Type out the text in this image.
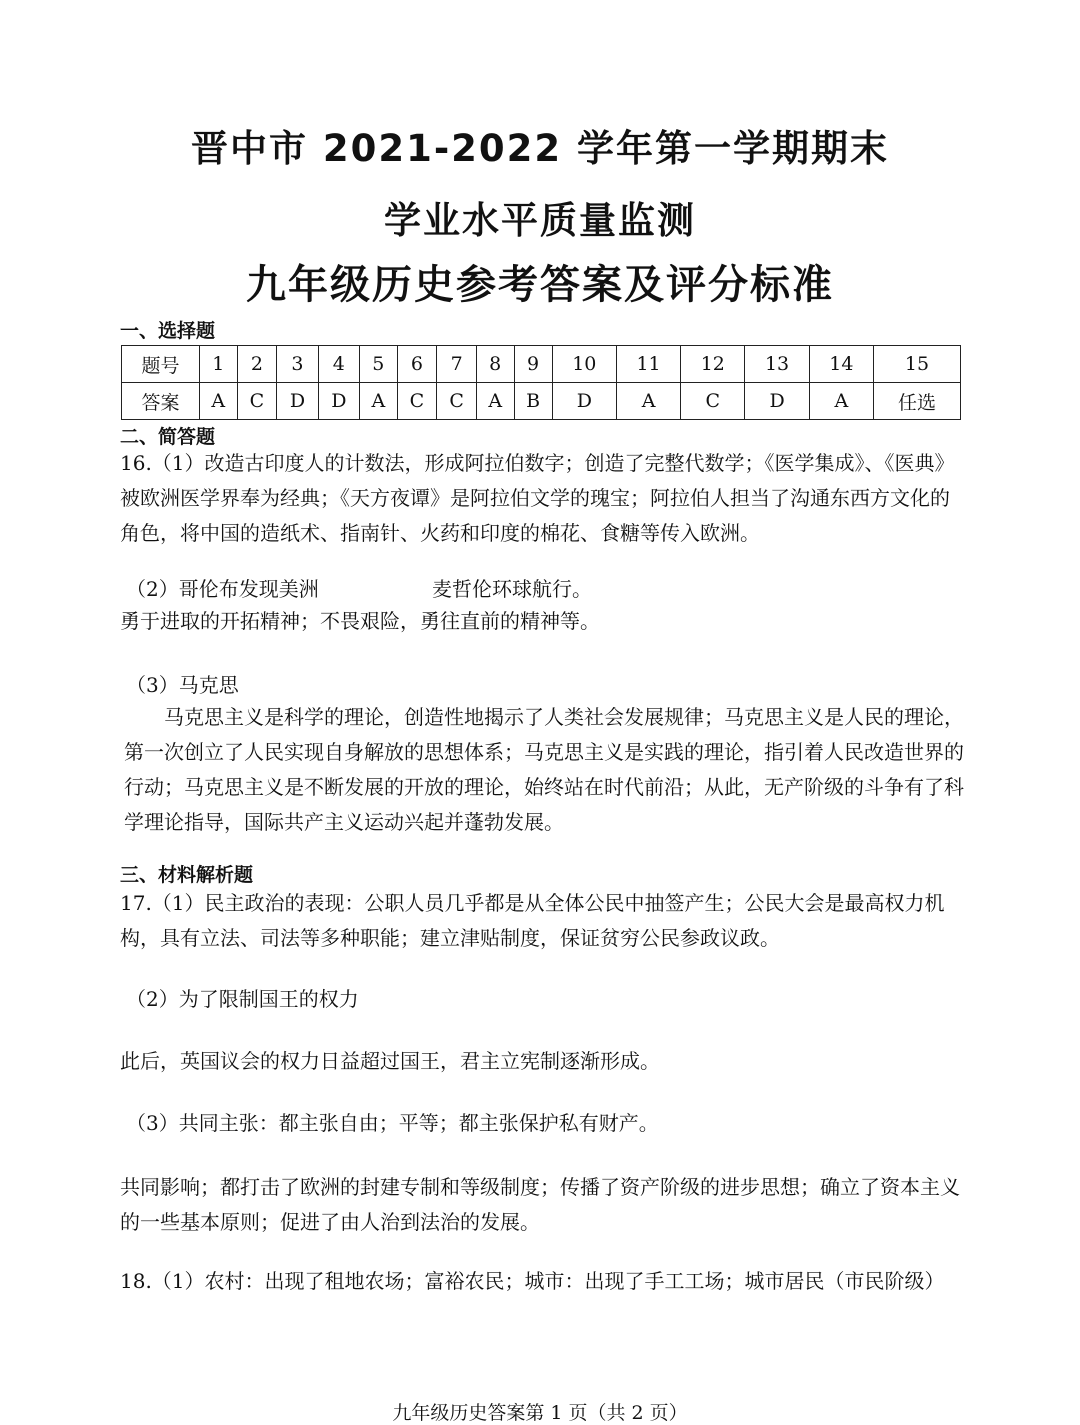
晋中市 2021-2022 学年第一学期期末
学业水平质量监测
九年级历史参考答案及评分标准
一、选择题
题号	1	2	3	4	5	6	7	8	9	10	11	12	13	14	15
答案	A	C	D	D	A	C	C	A	B	D	A	C	D	A	任选
二、简答题

16.（1）改造古印度人的计数法，形成阿拉伯数字；创造了完整代数学；《医学集成》、《医典》被欧洲医学界奉为经典；《天方夜谭》是阿拉伯文学的瑰宝；阿拉伯人担当了沟通东西方文化的角色，将中国的造纸术、指南针、火药和印度的棉花、食糖等传入欧洲。

（2）哥伦布发现美洲	麦哲伦环球航行。

勇于进取的开拓精神；不畏艰险，勇往直前的精神等。

（3）马克思

马克思主义是科学的理论，创造性地揭示了人类社会发展规律；马克思主义是人民的理论，第一次创立了人民实现自身解放的思想体系；马克思主义是实践的理论，指引着人民改造世界的行动；马克思主义是不断发展的开放的理论，始终站在时代前沿；从此，无产阶级的斗争有了科学理论指导，国际共产主义运动兴起并蓬勃发展。

三、材料解析题

17.（1）民主政治的表现：公职人员几乎都是从全体公民中抽签产生；公民大会是最高权力机构，具有立法、司法等多种职能；建立津贴制度，保证贫穷公民参政议政。

（2）为了限制国王的权力

此后，英国议会的权力日益超过国王，君主立宪制逐渐形成。

（3）共同主张：都主张自由；平等；都主张保护私有财产。

共同影响；都打击了欧洲的封建专制和等级制度；传播了资产阶级的进步思想；确立了资本主义的一些基本原则；促进了由人治到法治的发展。

18.（1）农村：出现了租地农场；富裕农民；城市：出现了手工工场；城市居民（市民阶级）

九年级历史答案第 1 页（共 2 页）
